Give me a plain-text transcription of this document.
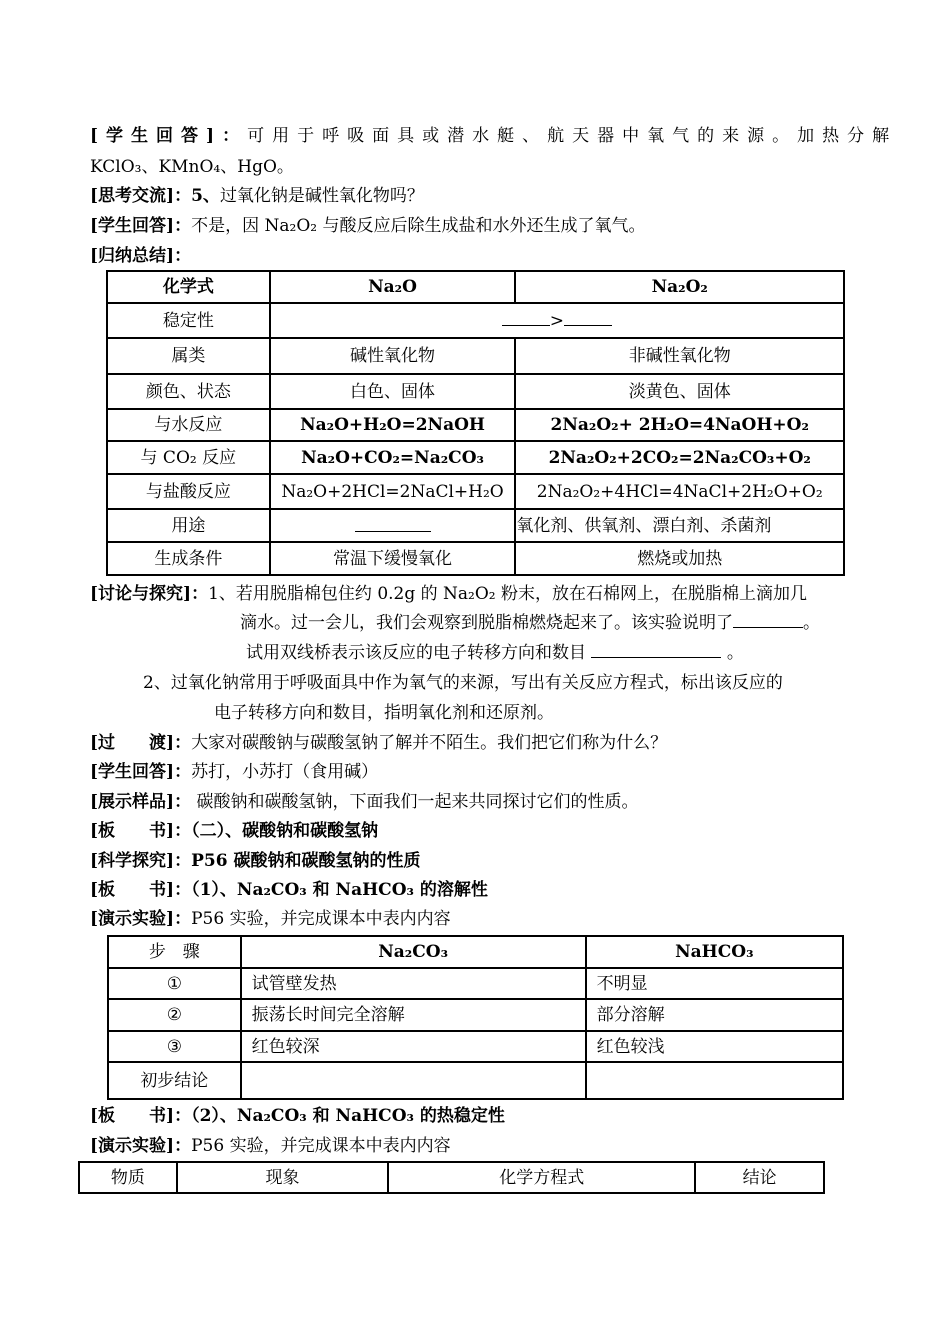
[学生回答]：可用于呼吸面具或潜水艇、航天器中氧气的来源。加热分解
KClO₃、KMnO₄、HgO。
[思考交流]：5、过氧化钠是碱性氧化物吗？
[学生回答]：不是，因 Na₂O₂ 与酸反应后除生成盐和水外还生成了氧气。
[归纳总结]：
化学式	Na₂O	Na₂O₂
稳定性	>	
属类	碱性氧化物	非碱性氧化物
颜色、状态	白色、固体	淡黄色、固体
与水反应	Na₂O+H₂O=2NaOH	2Na₂O₂+ 2H₂O=4NaOH+O₂
与 CO₂ 反应	Na₂O+CO₂=Na₂CO₃	2Na₂O₂+2CO₂=2Na₂CO₃+O₂
与盐酸反应	Na₂O+2HCl=2NaCl+H₂O	2Na₂O₂+4HCl=4NaCl+2H₂O+O₂
用途		氧化剂、供氧剂、漂白剂、杀菌剂
生成条件	常温下缓慢氧化	燃烧或加热
[讨论与探究]：1、若用脱脂棉包住约 0.2g 的 Na₂O₂ 粉末，放在石棉网上，在脱脂棉上滴加几
滴水。过一会儿，我们会观察到脱脂棉燃烧起来了。该实验说明了	。
试用双线桥表示该反应的电子转移方向和数目	。
2、过氧化钠常用于呼吸面具中作为氧气的来源，写出有关反应方程式，标出该反应的
电子转移方向和数目，指明氧化剂和还原剂。
[过　　渡]：大家对碳酸钠与碳酸氢钠了解并不陌生。我们把它们称为什么？
[学生回答]：苏打，小苏打（食用碱）
[展示样品]： 碳酸钠和碳酸氢钠，下面我们一起来共同探讨它们的性质。
[板　　书]：（二）、碳酸钠和碳酸氢钠
[科学探究]：P56 碳酸钠和碳酸氢钠的性质
[板　　书]：（1）、Na₂CO₃ 和 NaHCO₃ 的溶解性
[演示实验]：P56 实验，并完成课本中表内内容
步　骤	Na₂CO₃	NaHCO₃
①	试管壁发热	不明显
②	振荡长时间完全溶解	部分溶解
③	红色较深	红色较浅
初步结论		
[板　　书]：（2）、Na₂CO₃ 和 NaHCO₃ 的热稳定性
[演示实验]：P56 实验，并完成课本中表内内容
物质	现象	化学方程式	结论
